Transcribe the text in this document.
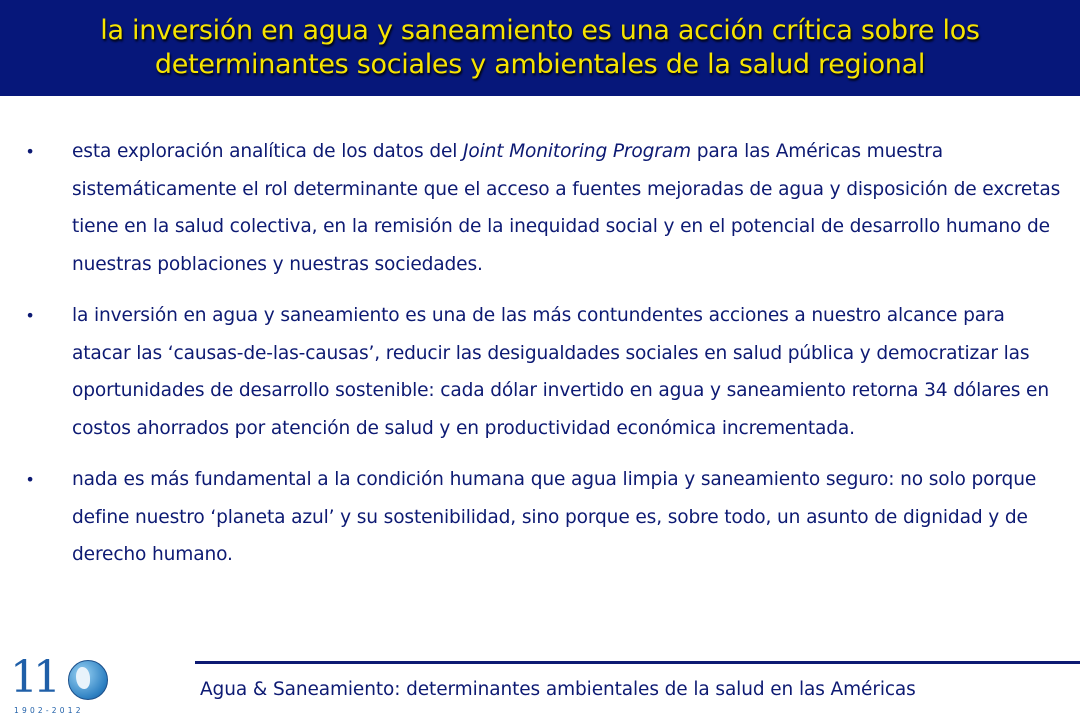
la inversión en agua y saneamiento es una acción crítica sobre los
determinantes sociales y ambientales de la salud regional
• esta exploración analítica de los datos del Joint Monitoring Program para las Américas muestra sistemáticamente el rol determinante que el acceso a fuentes mejoradas de agua y disposición de excretas tiene en la salud colectiva, en la remisión de la inequidad social y en el potencial de desarrollo humano de nuestras poblaciones y nuestras sociedades.
• la inversión en agua y saneamiento es una de las más contundentes acciones a nuestro alcance para atacar las ‘causas-de-las-causas’, reducir las desigualdades sociales en salud pública y democratizar las oportunidades de desarrollo sostenible: cada dólar invertido en agua y saneamiento retorna 34 dólares en costos ahorrados por atención de salud y en productividad económica incrementada.
• nada es más fundamental a la condición humana que agua limpia y saneamiento seguro: no solo porque define nuestro ‘planeta azul’ y su sostenibilidad, sino porque es, sobre todo, un asunto de dignidad y de derecho humano.
11
1902-2012
Agua & Saneamiento: determinantes ambientales de la salud en las Américas
